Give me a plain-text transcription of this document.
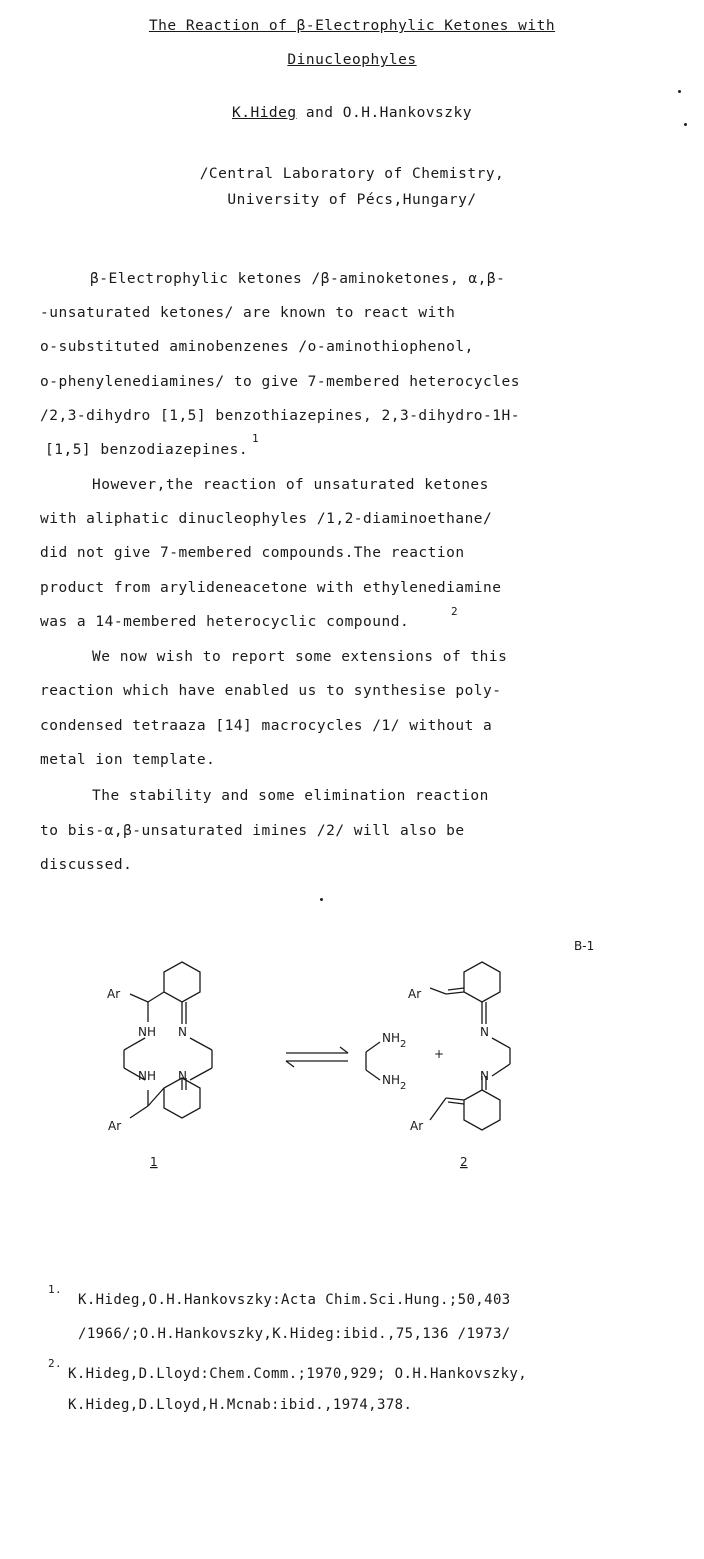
The Reaction of β-Electrophylic Ketones with
Dinucleophyles
K.Hideg and O.H.Hankovszky
/Central Laboratory of Chemistry,
University of Pécs,Hungary/
β-Electrophylic ketones /β-aminoketones, α,β-
-unsaturated ketones/ are known to react with
o-substituted aminobenzenes /o-aminothiophenol,
o-phenylenediamines/ to give 7-membered heterocycles
/2,3-dihydro [1,5] benzothiazepines, 2,3-dihydro-1H-
[1,5] benzodiazepines.
1
However,the reaction of unsaturated ketones
with aliphatic dinucleophyles /1,2-diaminoethane/
did not give 7-membered compounds.The reaction
product from arylideneacetone with ethylenediamine
was a 14-membered heterocyclic compound.
2
We now wish to report some extensions of this
reaction which have enabled us to synthesise poly-
condensed tetraaza [14] macrocycles /1/ without a
metal ion template.
The stability and some elimination reaction
to bis-α,β-unsaturated imines /2/ will also be
discussed.
B-1
Ar
NH N
NH N
Ar
1
$NH_2$
$NH_2$
+
Ar
N
N
Ar
2
1.
K.Hideg,O.H.Hankovszky:Acta Chim.Sci.Hung.;50,403
/1966/;O.H.Hankovszky,K.Hideg:ibid.,75,136 /1973/
2.
K.Hideg,D.Lloyd:Chem.Comm.;1970,929; O.H.Hankovszky,
K.Hideg,D.Lloyd,H.Mcnab:ibid.,1974,378.
